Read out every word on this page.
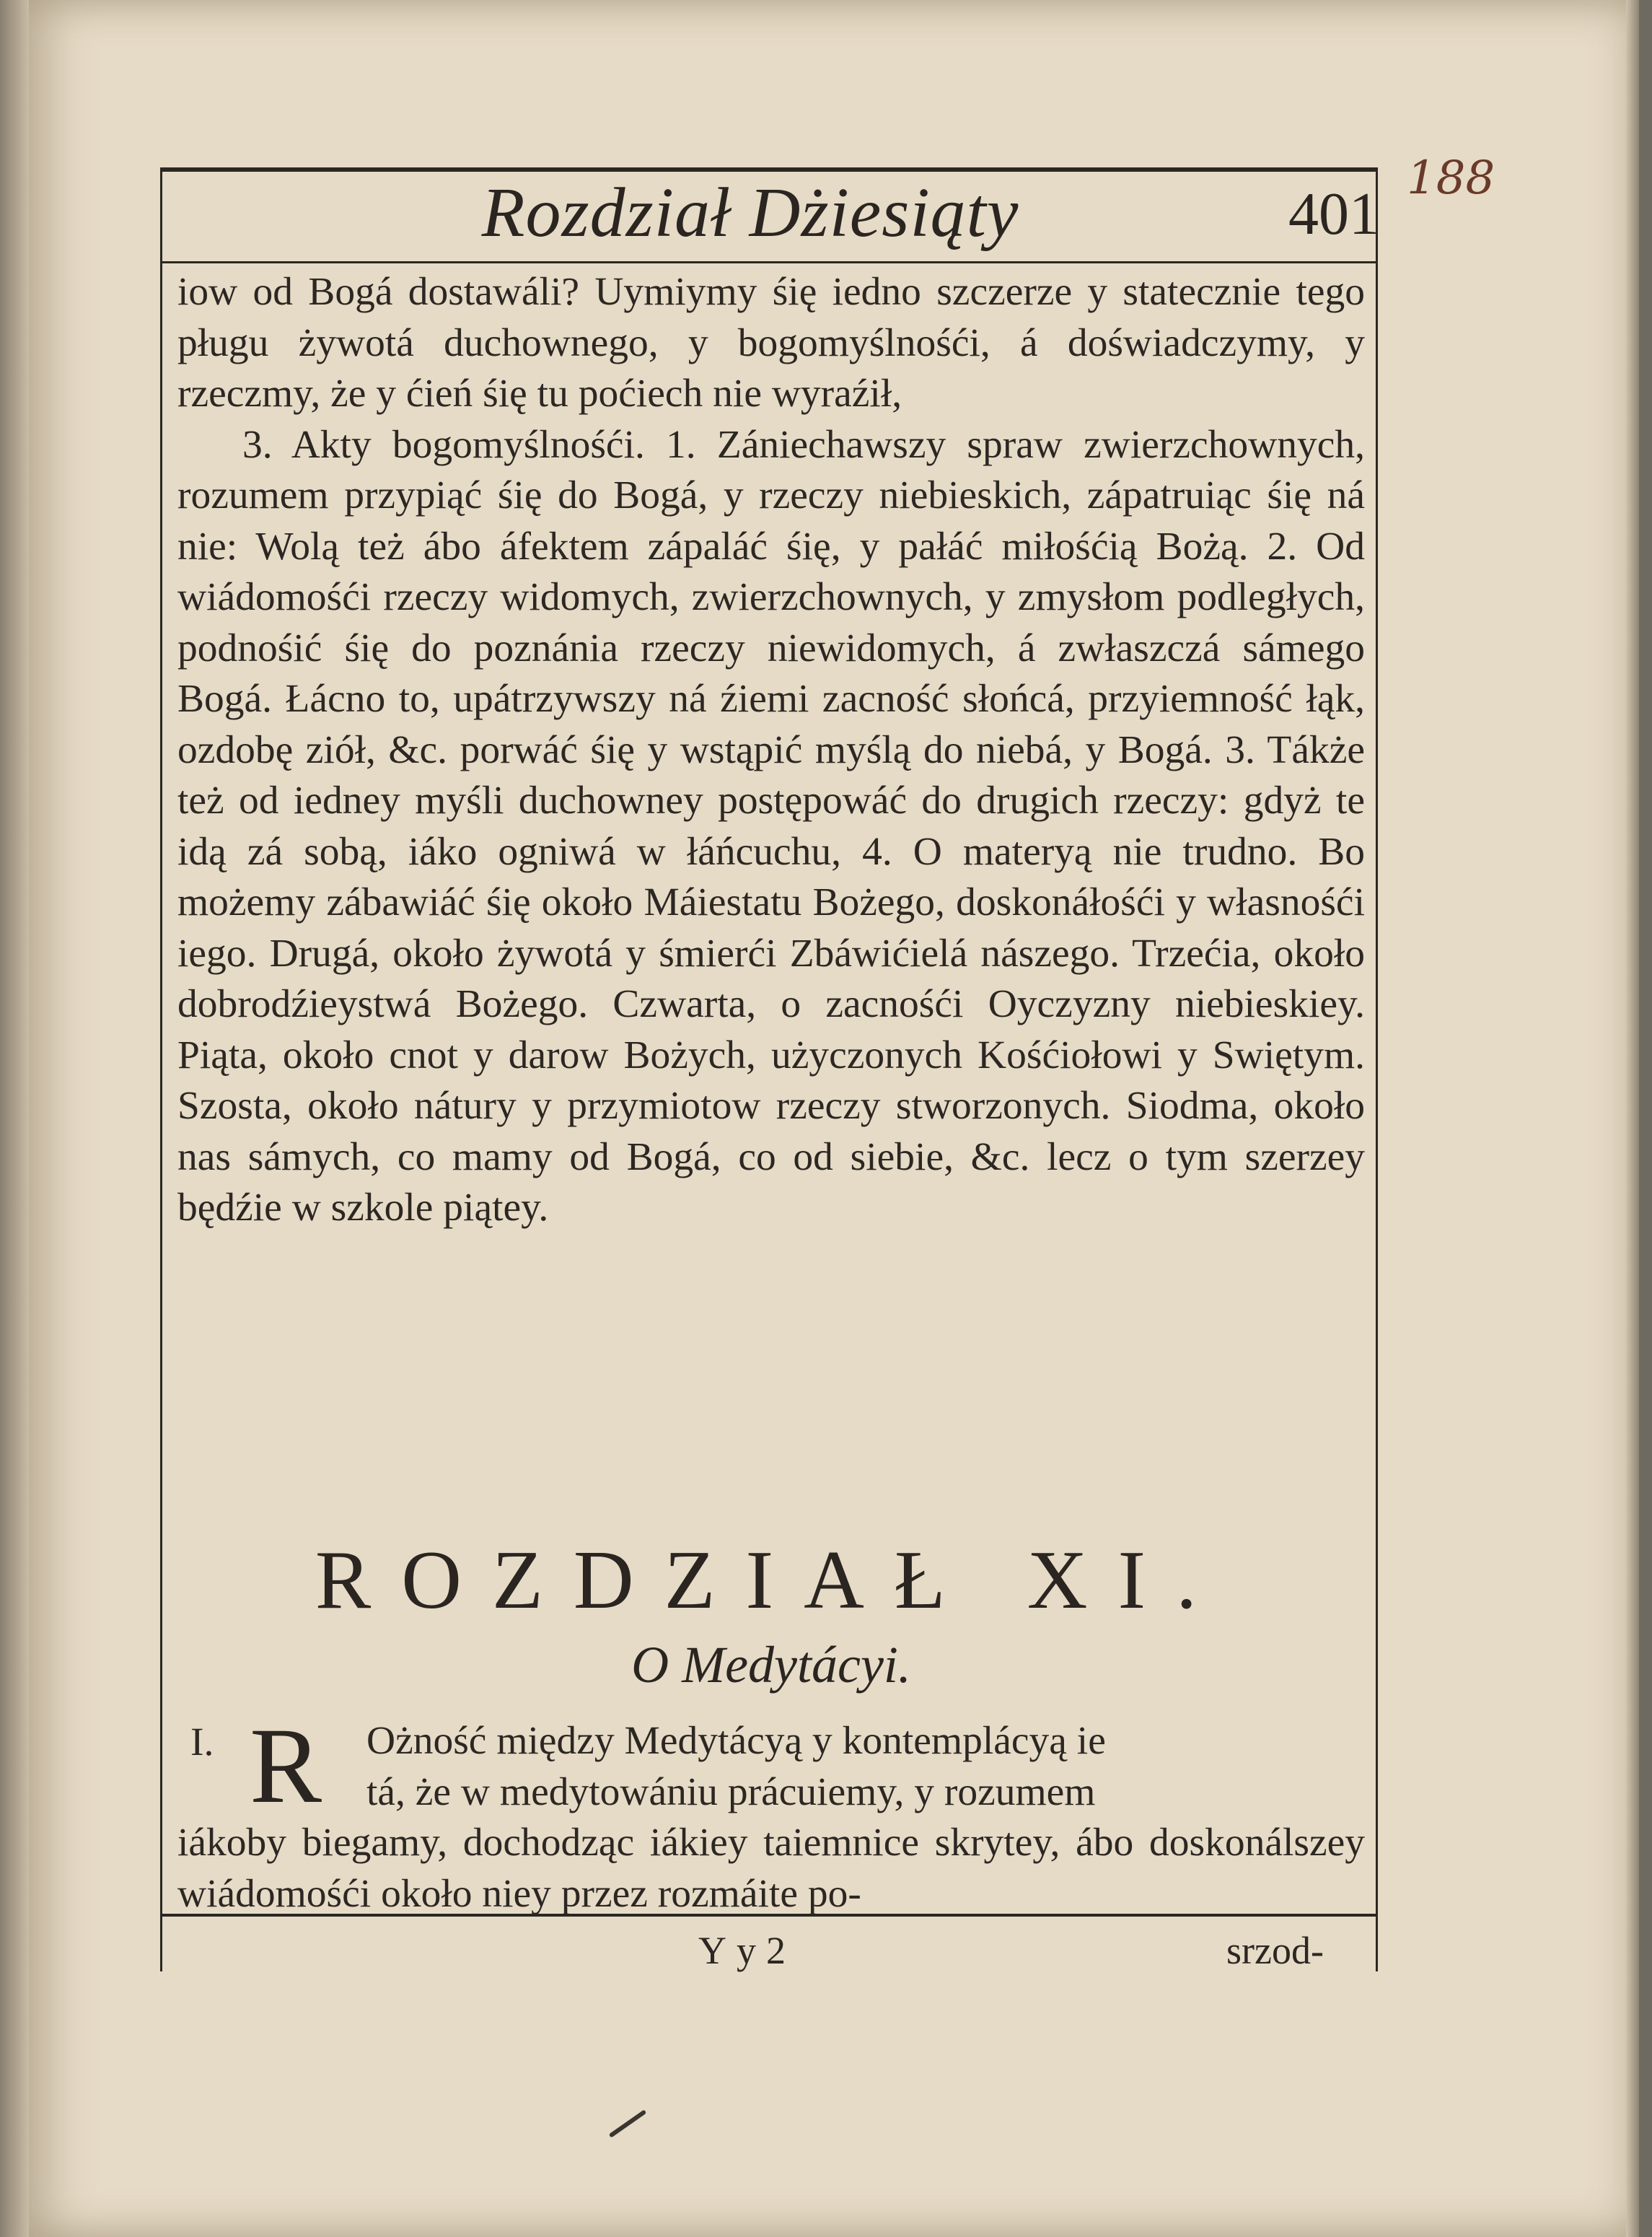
Rozdział Dżiesiąty	401
188

iow od Bogá dostawáli? Uymiymy śię iedno szczerze y statecznie tego pługu żywotá duchownego, y bogomyślnośći, á doświadczymy, y rzeczmy, że y ćień śię tu poćiech nie wyraźił,

3. Akty bogomyślnośći. 1. Zániechawszy spraw zwierzchownych, rozumem przypiąć śię do Bogá, y rzeczy niebieskich, zápatruiąc śię ná nie: Wolą też ábo áfektem zápaláć śię, y pałáć miłośćią Bożą. 2. Od wiádomośći rzeczy widomych, zwierzchownych, y zmysłom podległych, podnośić śię do poznánia rzeczy niewidomych, á zwłaszczá sámego Bogá. Łácno to, upátrzywszy ná źiemi zacność słońcá, przyiemność łąk, ozdobę ziół, &c. porwáć śię y wstąpić myślą do niebá, y Bogá. 3. Tákże też od iedney myśli duchowney postępowáć do drugich rzeczy: gdyż te idą zá sobą, iáko ogniwá w łáńcuchu, 4. O materyą nie trudno. Bo możemy zábawiáć śię około Máiestatu Bożego, doskonáłośći y własnośći iego. Drugá, około żywotá y śmierći Zbáwićielá nászego. Trzećia, około dobrodźieystwá Bożego. Czwarta, o zacnośći Oyczyzny niebieskiey. Piąta, około cnot y darow Bożych, użyczonych Kośćiołowi y Swiętym. Szosta, około nátury y przymiotow rzeczy stworzonych. Siodma, około nas sámych, co mamy od Bogá, co od siebie, &c. lecz o tym szerzey będźie w szkole piątey.

ROZDZIAŁ XI.
O Medytácyi.
I. R	Ożność między Medytácyą y kontemplácyą ie
tá, że w medytowániu prácuiemy, y rozumem
iákoby biegamy, dochodząc iákiey taiemnice skrytey, ábo doskonálszey wiádomośći około niey przez rozmáite po-
Yy2	srzod-
